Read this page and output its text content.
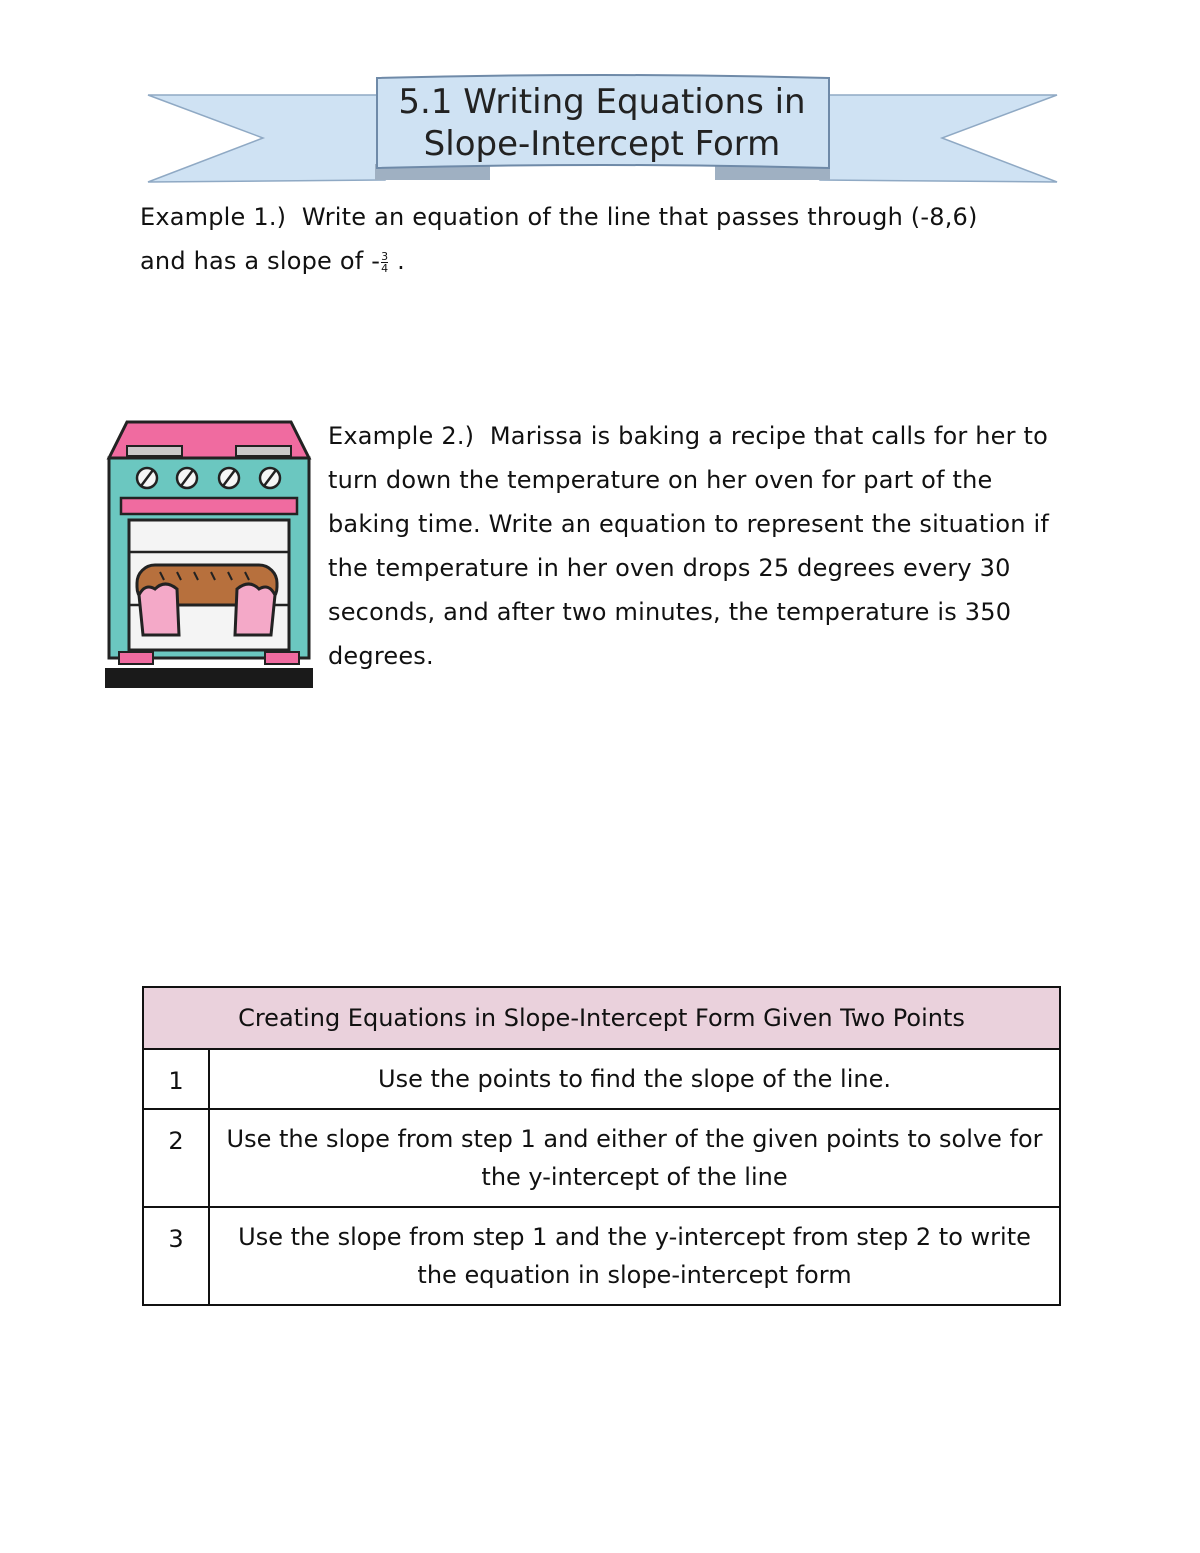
5.1 Writing Equations in
Slope-Intercept Form
Example 1.) Write an equation of the line that passes through (-8,6)
and has a slope of - $\frac{3}{4}$ .
Example 2.) Marissa is baking a recipe that calls for her to turn down the temperature on her oven for part of the baking time. Write an equation to represent the situation if the temperature in her oven drops 25 degrees every 30 seconds, and after two minutes, the temperature is 350 degrees.
Creating Equations in Slope-Intercept Form Given Two Points	
1	Use the points to find the slope of the line.
2	Use the slope from step 1 and either of the given points to solve for the y-intercept of the line
3	Use the slope from step 1 and the y-intercept from step 2 to write the equation in slope-intercept form
